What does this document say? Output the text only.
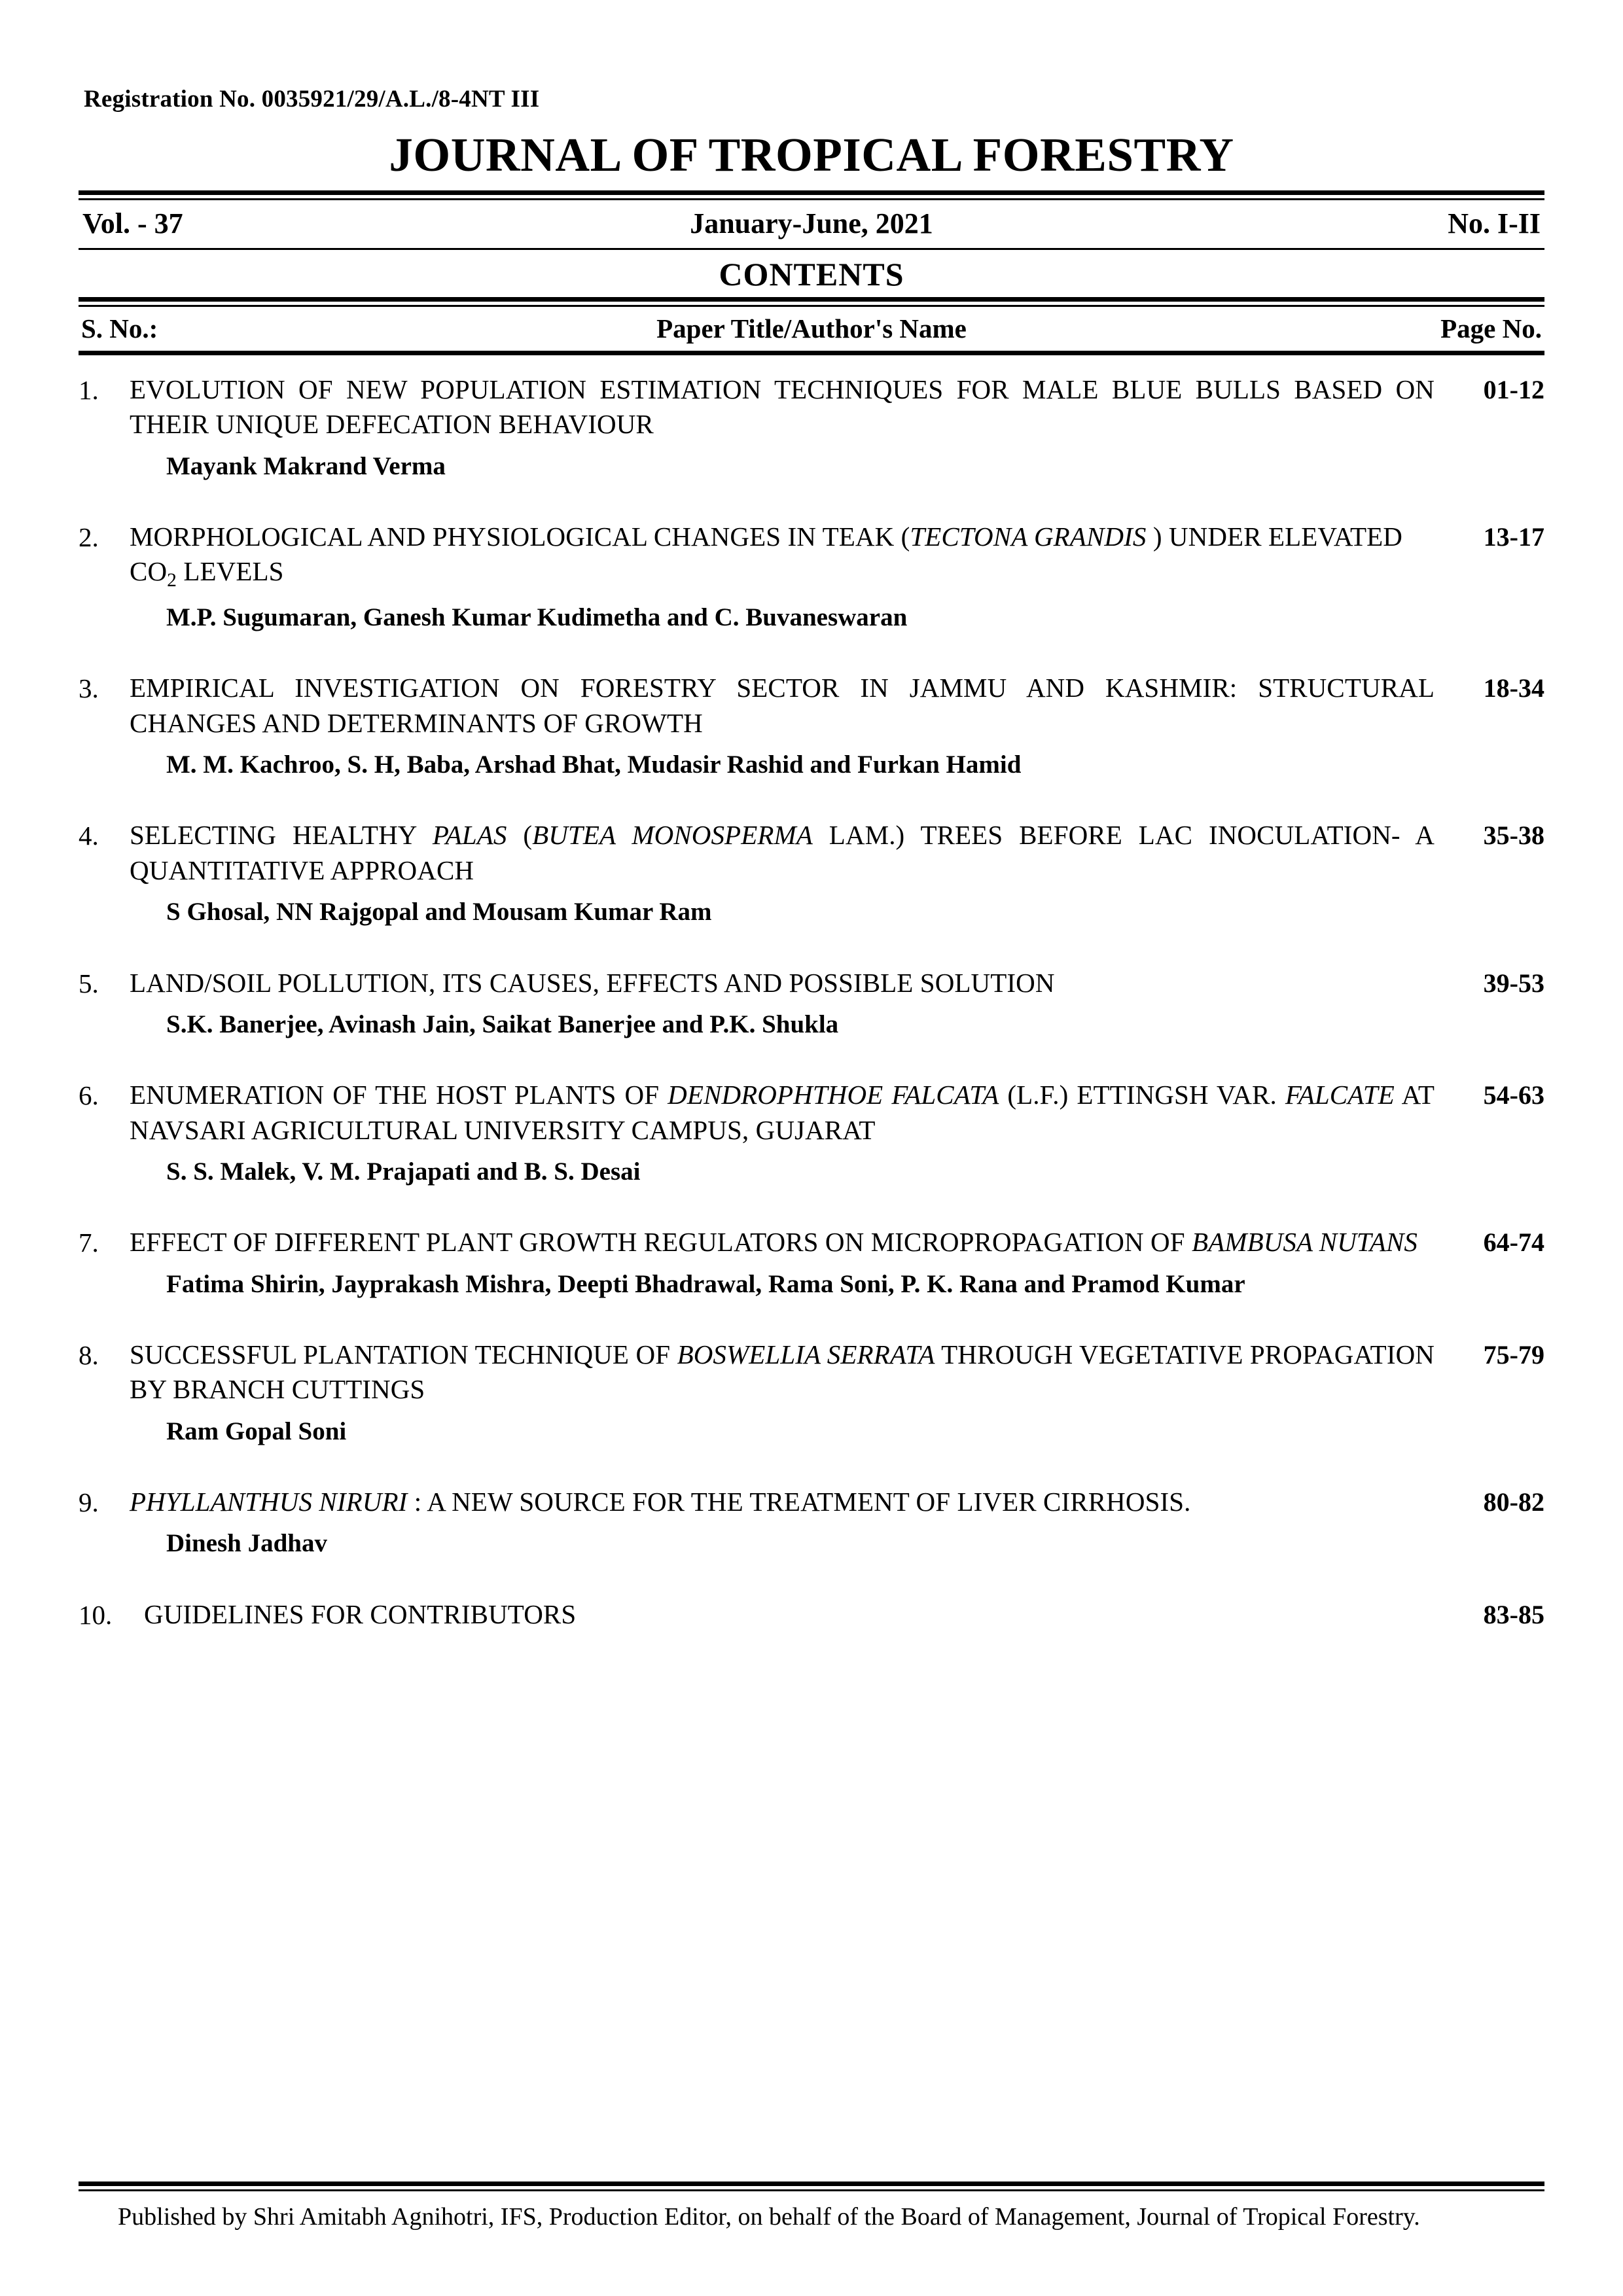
Registration No. 0035921/29/A.L./8-4NT III
JOURNAL OF TROPICAL FORESTRY
Vol. - 37	January-June, 2021	No. I-II
CONTENTS
S. No.:	Paper Title/Author's Name	Page No.
1.	EVOLUTION OF NEW POPULATION ESTIMATION TECHNIQUES FOR MALE BLUE BULLS BASED ON THEIR UNIQUE DEFECATION BEHAVIOUR
Mayank Makrand Verma
01-12
2.	MORPHOLOGICAL AND PHYSIOLOGICAL CHANGES IN TEAK (TECTONA GRANDIS ) UNDER ELEVATED $CO_2$ LEVELS
M.P. Sugumaran, Ganesh Kumar Kudimetha and C. Buvaneswaran
13-17
3.	EMPIRICAL INVESTIGATION ON FORESTRY SECTOR IN JAMMU AND KASHMIR: STRUCTURAL CHANGES AND DETERMINANTS OF GROWTH
M. M. Kachroo, S. H, Baba, Arshad Bhat, Mudasir Rashid and Furkan Hamid
18-34
4.	SELECTING HEALTHY PALAS (BUTEA MONOSPERMA LAM.) TREES BEFORE LAC INOCULATION- A QUANTITATIVE APPROACH
S Ghosal, NN Rajgopal and Mousam Kumar Ram
35-38
5.	LAND/SOIL POLLUTION, ITS CAUSES, EFFECTS AND POSSIBLE SOLUTION
S.K. Banerjee, Avinash Jain, Saikat Banerjee and P.K. Shukla
39-53
6.	ENUMERATION OF THE HOST PLANTS OF DENDROPHTHOE FALCATA (L.F.) ETTINGSH VAR. FALCATE AT NAVSARI AGRICULTURAL UNIVERSITY CAMPUS, GUJARAT
S. S. Malek, V. M. Prajapati and B. S. Desai
54-63
7.	EFFECT OF DIFFERENT PLANT GROWTH REGULATORS ON MICROPROPAGATION OF BAMBUSA NUTANS
Fatima Shirin, Jayprakash Mishra, Deepti Bhadrawal, Rama Soni, P. K. Rana and Pramod Kumar
64-74
8.	SUCCESSFUL PLANTATION TECHNIQUE OF BOSWELLIA SERRATA THROUGH VEGETATIVE PROPAGATION BY BRANCH CUTTINGS
Ram Gopal Soni
75-79
9.	PHYLLANTHUS NIRURI : A NEW SOURCE FOR THE TREATMENT OF LIVER CIRRHOSIS.
Dinesh Jadhav
80-82
10.	GUIDELINES FOR CONTRIBUTORS	83-85
Published by Shri Amitabh Agnihotri, IFS, Production Editor, on behalf of the Board of Management, Journal of Tropical Forestry.
